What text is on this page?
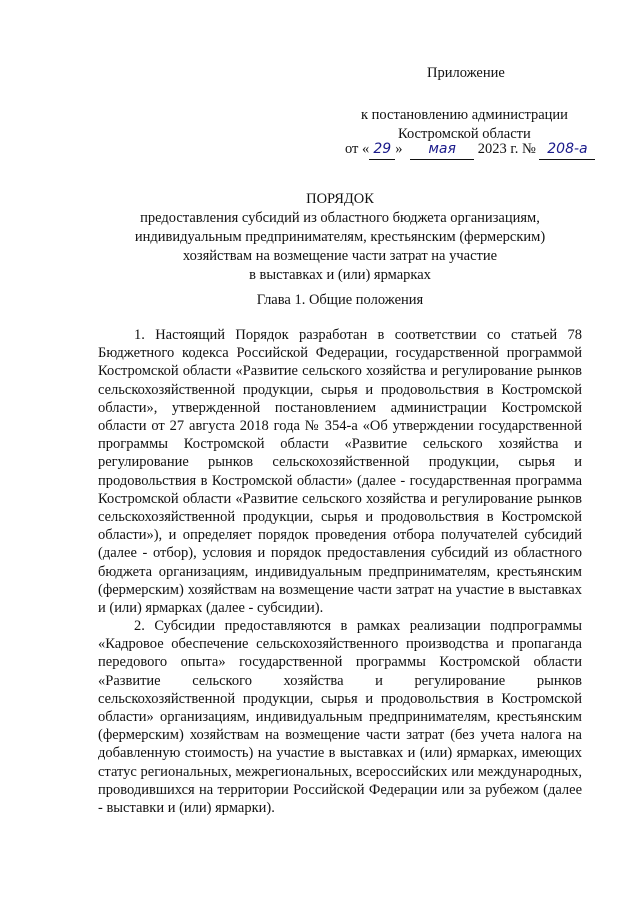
Приложение
к постановлению администрации
Костромской области
от « 29 » мая 2023 г. № 208-а
ПОРЯДОК
предоставления субсидий из областного бюджета организациям,
индивидуальным предпринимателям, крестьянским (фермерским)
хозяйствам на возмещение части затрат на участие
в выставках и (или) ярмарках
Глава 1. Общие положения

1. Настоящий Порядок разработан в соответствии со статьей 78 Бюджетного кодекса Российской Федерации, государственной программой Костромской области «Развитие сельского хозяйства и регулирование рынков сельскохозяйственной продукции, сырья и продовольствия в Костромской области», утвержденной постановлением администрации Костромской области от 27 августа 2018 года № 354-а «Об утверждении государственной программы Костромской области «Развитие сельского хозяйства и регулирование рынков сельскохозяйственной продукции, сырья и продовольствия в Костромской области» (далее - государственная программа Костромской области «Развитие сельского хозяйства и регулирование рынков сельскохозяйственной продукции, сырья и продовольствия в Костромской области»), и определяет порядок проведения отбора получателей субсидий (далее - отбор), условия и порядок предоставления субсидий из областного бюджета организациям, индивидуальным предпринимателям, крестьянским (фермерским) хозяйствам на возмещение части затрат на участие в выставках и (или) ярмарках (далее - субсидии).

2. Субсидии предоставляются в рамках реализации подпрограммы «Кадровое обеспечение сельскохозяйственного производства и пропаганда передового опыта» государственной программы Костромской области «Развитие сельского хозяйства и регулирование рынков сельскохозяйственной продукции, сырья и продовольствия в Костромской области» организациям, индивидуальным предпринимателям, крестьянским (фермерским) хозяйствам на возмещение части затрат (без учета налога на добавленную стоимость) на участие в выставках и (или) ярмарках, имеющих статус региональных, межрегиональных, всероссийских или международных, проводившихся на территории Российской Федерации или за рубежом (далее - выставки и (или) ярмарки).
